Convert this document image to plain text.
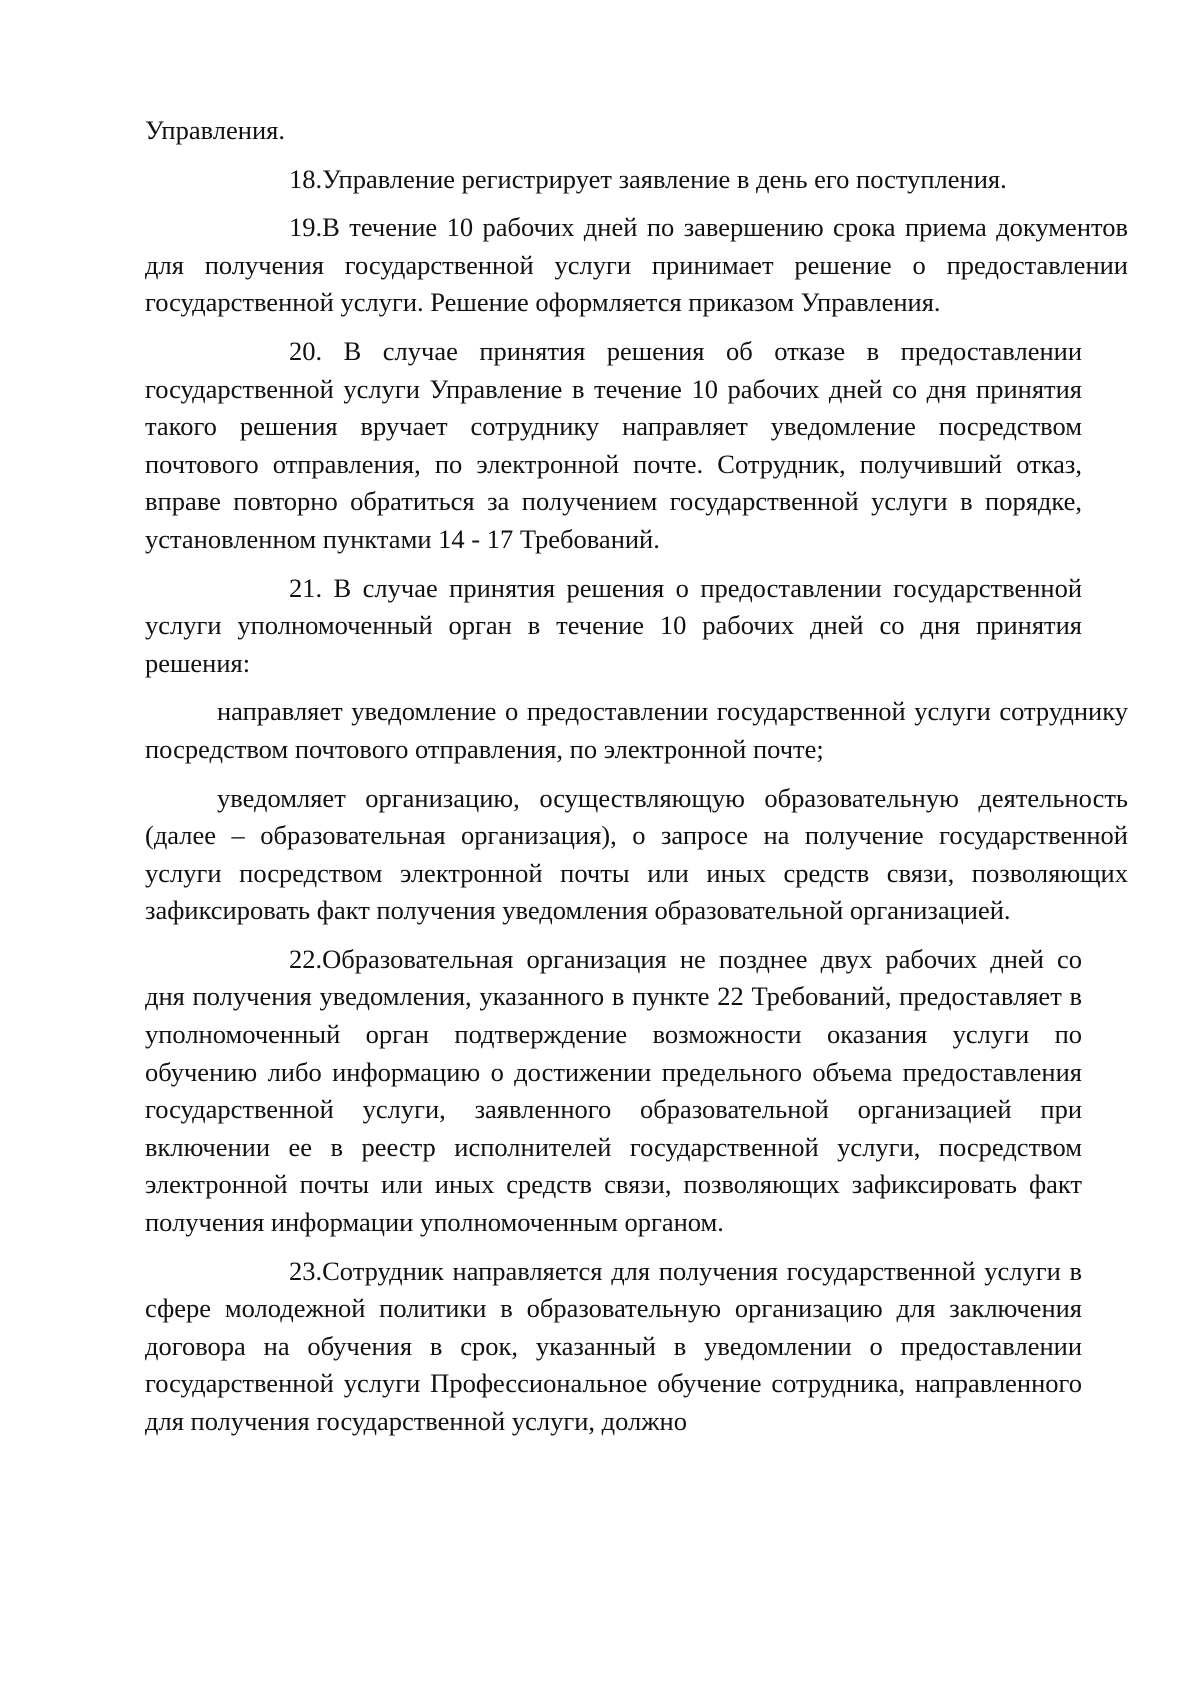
Управления.

18.Управление регистрирует заявление в день его поступления.

19.В течение 10 рабочих дней по завершению срока приема документов для получения государственной услуги принимает решение о предоставлении государственной услуги. Решение оформляется приказом Управления.

20. В случае принятия решения об отказе в предоставлении государственной услуги Управление в течение 10 рабочих дней со дня принятия такого решения вручает сотруднику направляет уведомление посредством почтового отправления, по электронной почте. Сотрудник, получивший отказ, вправе повторно обратиться за получением государственной услуги в порядке, установленном пунктами 14 - 17 Требований.

21. В случае принятия решения о предоставлении государственной услуги уполномоченный орган в течение 10 рабочих дней со дня принятия решения:

направляет уведомление о предоставлении государственной услуги сотруднику посредством почтового отправления, по электронной почте;

уведомляет организацию, осуществляющую образовательную деятельность (далее – образовательная организация), о запросе на получение государственной услуги посредством электронной почты или иных средств связи, позволяющих зафиксировать факт получения уведомления образовательной организацией.

22.Образовательная организация не позднее двух рабочих дней со дня получения уведомления, указанного в пункте 22 Требований, предоставляет в уполномоченный орган подтверждение возможности оказания услуги по обучению либо информацию о достижении предельного объема предоставления государственной услуги, заявленного образовательной организацией при включении ее в реестр исполнителей государственной услуги, посредством электронной почты или иных средств связи, позволяющих зафиксировать факт получения информации уполномоченным органом.

23.Сотрудник направляется для получения государственной услуги в сфере молодежной политики в образовательную организацию для заключения договора на обучения в срок, указанный в уведомлении о предоставлении государственной услуги Профессиональное обучение сотрудника, направленного для получения государственной услуги, должно
